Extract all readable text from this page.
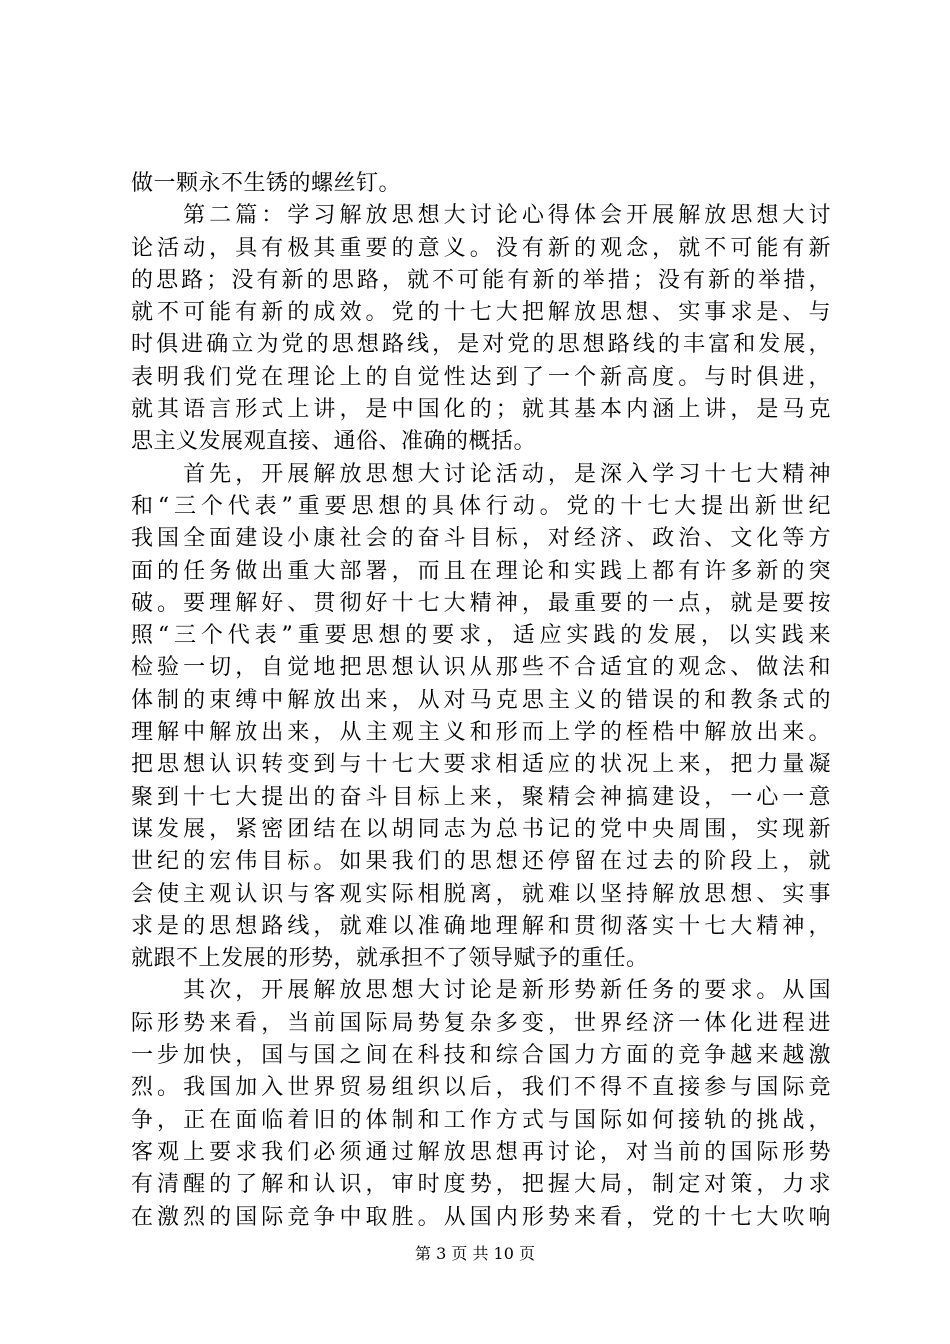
做一颗永不生锈的螺丝钉。
　　第二篇：学习解放思想大讨论心得体会开展解放思想大讨
论活动，具有极其重要的意义。没有新的观念，就不可能有新
的思路；没有新的思路，就不可能有新的举措；没有新的举措，
就不可能有新的成效。党的十七大把解放思想、实事求是、与
时俱进确立为党的思想路线，是对党的思想路线的丰富和发展，
表明我们党在理论上的自觉性达到了一个新高度。与时俱进，
就其语言形式上讲，是中国化的；就其基本内涵上讲，是马克
思主义发展观直接、通俗、准确的概括。
　　首先，开展解放思想大讨论活动，是深入学习十七大精神
和“三个代表”重要思想的具体行动。党的十七大提出新世纪
我国全面建设小康社会的奋斗目标，对经济、政治、文化等方
面的任务做出重大部署，而且在理论和实践上都有许多新的突
破。要理解好、贯彻好十七大精神，最重要的一点，就是要按
照“三个代表”重要思想的要求，适应实践的发展，以实践来
检验一切，自觉地把思想认识从那些不合适宜的观念、做法和
体制的束缚中解放出来，从对马克思主义的错误的和教条式的
理解中解放出来，从主观主义和形而上学的桎梏中解放出来。
把思想认识转变到与十七大要求相适应的状况上来，把力量凝
聚到十七大提出的奋斗目标上来，聚精会神搞建设，一心一意
谋发展，紧密团结在以胡同志为总书记的党中央周围，实现新
世纪的宏伟目标。如果我们的思想还停留在过去的阶段上，就
会使主观认识与客观实际相脱离，就难以坚持解放思想、实事
求是的思想路线，就难以准确地理解和贯彻落实十七大精神，
就跟不上发展的形势，就承担不了领导赋予的重任。
　　其次，开展解放思想大讨论是新形势新任务的要求。从国
际形势来看，当前国际局势复杂多变，世界经济一体化进程进
一步加快，国与国之间在科技和综合国力方面的竞争越来越激
烈。我国加入世界贸易组织以后，我们不得不直接参与国际竞
争，正在面临着旧的体制和工作方式与国际如何接轨的挑战，
客观上要求我们必须通过解放思想再讨论，对当前的国际形势
有清醒的了解和认识，审时度势，把握大局，制定对策，力求
在激烈的国际竞争中取胜。从国内形势来看，党的十七大吹响
第 3 页 共 10 页
